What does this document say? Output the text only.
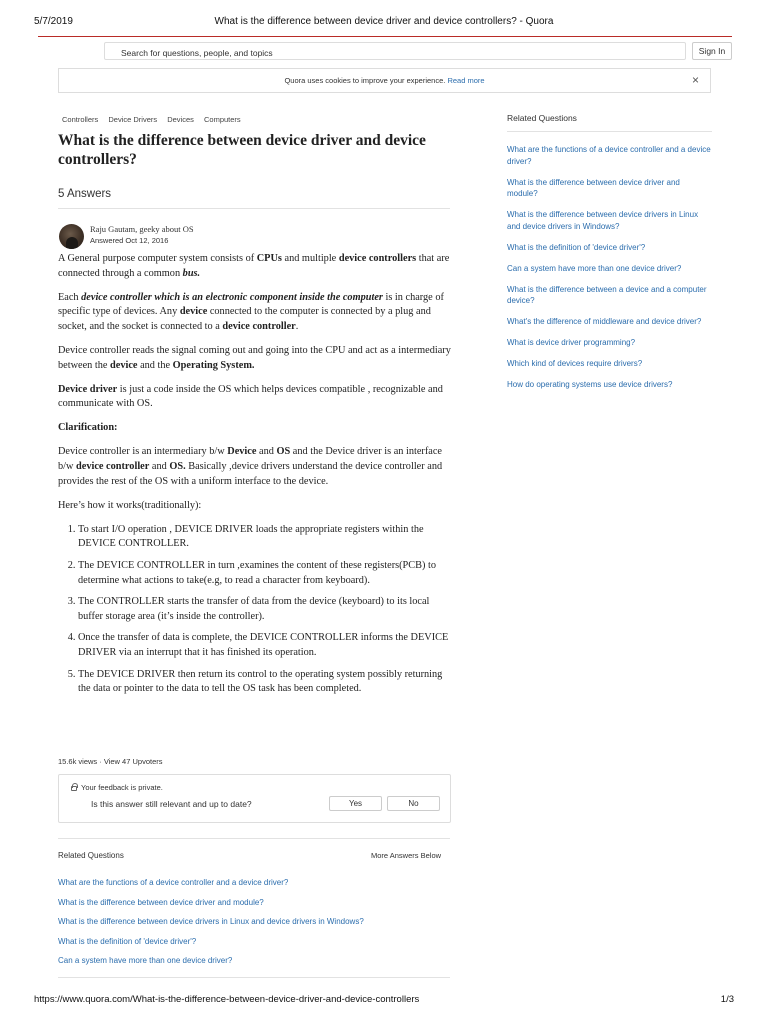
5/7/2019	What is the difference between device driver and device controllers? - Quora
Search for questions, people, and topics
Sign In
Quora uses cookies to improve your experience. Read more	×
Controllers Device Drivers Devices Computers
What is the difference between device driver and device controllers?
5 Answers
Raju Gautam, geeky about OS
Answered Oct 12, 2016

A General purpose computer system consists of CPUs and multiple device controllers that are connected through a common bus.

Each device controller which is an electronic component inside the computer is in charge of specific type of devices. Any device connected to the computer is connected by a plug and socket, and the socket is connected to a device controller.

Device controller reads the signal coming out and going into the CPU and act as a intermediary between the device and the Operating System.

Device driver is just a code inside the OS which helps devices compatible , recognizable and communicate with OS.

Clarification:

Device controller is an intermediary b/w Device and OS and the Device driver is an interface b/w device controller and OS. Basically ,device drivers understand the device controller and provides the rest of the OS with a uniform interface to the device.

Here’s how it works(traditionally):

1. To start I/O operation , DEVICE DRIVER loads the appropriate registers within the DEVICE CONTROLLER.
2. The DEVICE CONTROLLER in turn ,examines the content of these registers(PCB) to determine what actions to take(e.g, to read a character from keyboard).
3. The CONTROLLER starts the transfer of data from the device (keyboard) to its local buffer storage area (it’s inside the controller).
4. Once the transfer of data is complete, the DEVICE CONTROLLER informs the DEVICE DRIVER via an interrupt that it has finished its operation.
5. The DEVICE DRIVER then return its control to the operating system possibly returning the data or pointer to the data to tell the OS task has been completed.
15.6k views · View 47 Upvoters
Your feedback is private.
Is this answer still relevant and up to date?	Yes	No
Related Questions	More Answers Below
What are the functions of a device controller and a device driver?
What is the difference between device driver and module?
What is the difference between device drivers in Linux and device drivers in Windows?
What is the definition of 'device driver'?
Can a system have more than one device driver?
Related Questions
What are the functions of a device controller and a device driver?
What is the difference between device driver and module?
What is the difference between device drivers in Linux and device drivers in Windows?
What is the definition of 'device driver'?
Can a system have more than one device driver?
What is the difference between a device and a computer device?
What's the difference of middleware and device driver?
What is device driver programming?
Which kind of devices require drivers?
How do operating systems use device drivers?
https://www.quora.com/What-is-the-difference-between-device-driver-and-device-controllers	1/3
